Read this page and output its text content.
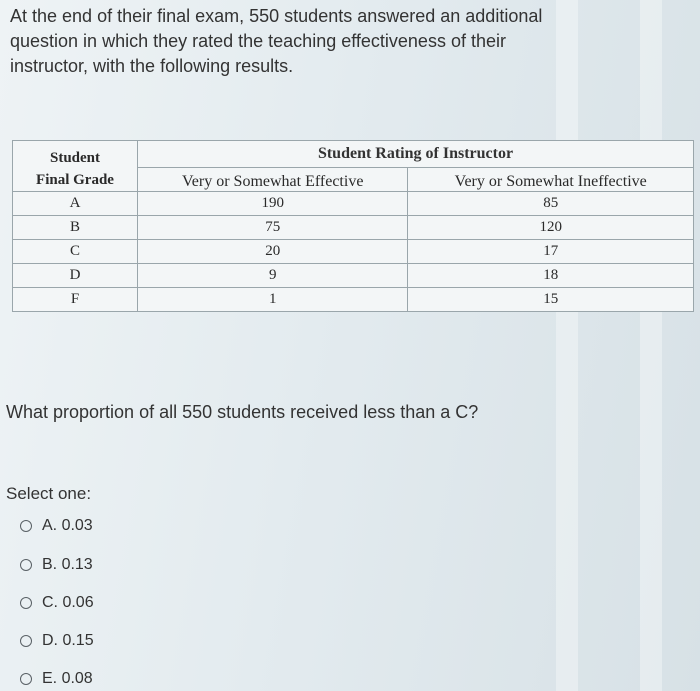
At the end of their final exam, 550 students answered an additional question in which they rated the teaching effectiveness of their instructor, with the following results.
Student
Final Grade	Student Rating of Instructor	
	Very or Somewhat Effective	Very or Somewhat Ineffective
A	190	85
B	75	120
C	20	17
D	9	18
F	1	15
What proportion of all 550 students received less than a C?
Select one:
A. 0.03
B. 0.13
C. 0.06
D. 0.15
E. 0.08
